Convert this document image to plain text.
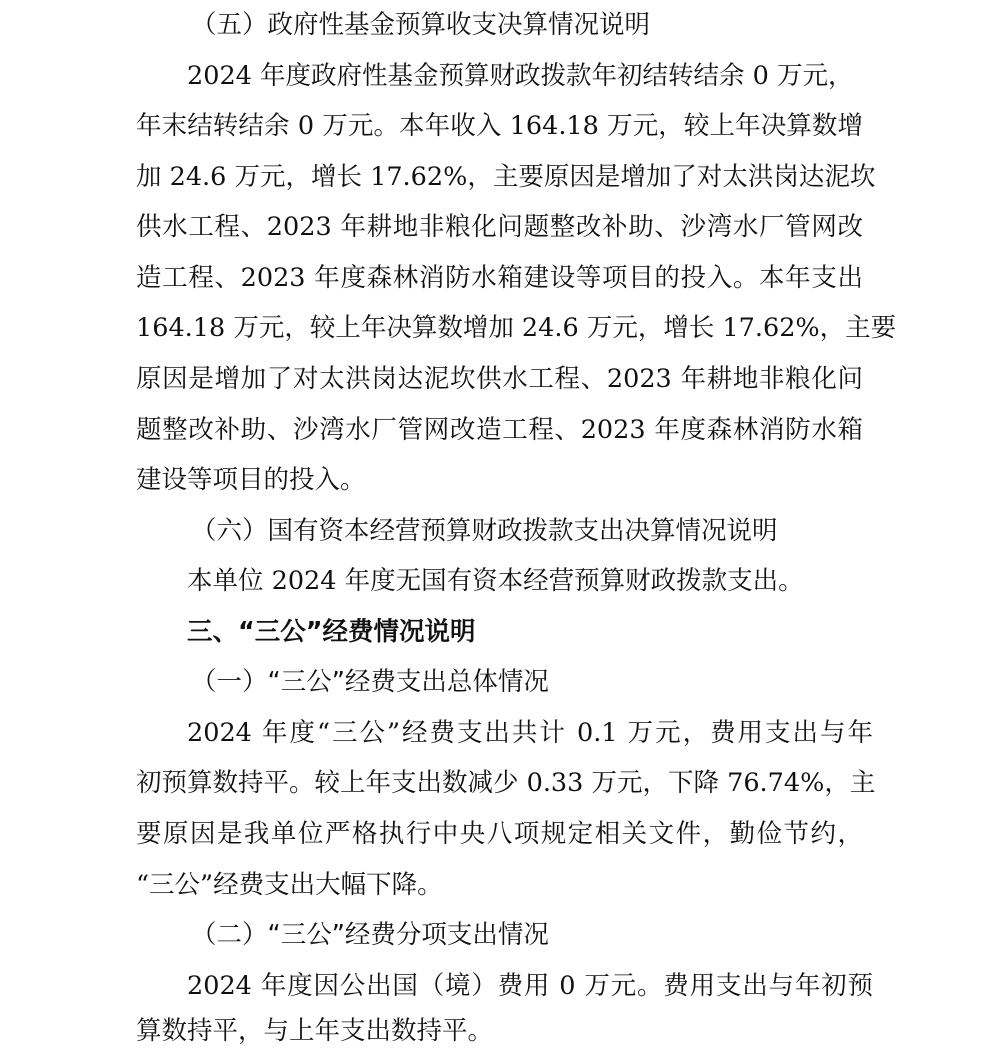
（五）政府性基金预算收支决算情况说明
2024 年度政府性基金预算财政拨款年初结转结余 0 万元，
年末结转结余 0 万元。本年收入 164.18 万元，较上年决算数增
加 24.6 万元，增长 17.62%，主要原因是增加了对太洪岗达泥坎
供水工程、2023 年耕地非粮化问题整改补助、沙湾水厂管网改
造工程、2023 年度森林消防水箱建设等项目的投入。本年支出
164.18 万元，较上年决算数增加 24.6 万元，增长 17.62%，主要
原因是增加了对太洪岗达泥坎供水工程、2023 年耕地非粮化问
题整改补助、沙湾水厂管网改造工程、2023 年度森林消防水箱
建设等项目的投入。
（六）国有资本经营预算财政拨款支出决算情况说明
本单位 2024 年度无国有资本经营预算财政拨款支出。
三、“三公”经费情况说明
（一）“三公”经费支出总体情况
2024 年度“三公”经费支出共计 0.1 万元，费用支出与年
初预算数持平。较上年支出数减少 0.33 万元，下降 76.74%，主
要原因是我单位严格执行中央八项规定相关文件，勤俭节约，
“三公”经费支出大幅下降。
（二）“三公”经费分项支出情况
2024 年度因公出国（境）费用 0 万元。费用支出与年初预
算数持平，与上年支出数持平。
